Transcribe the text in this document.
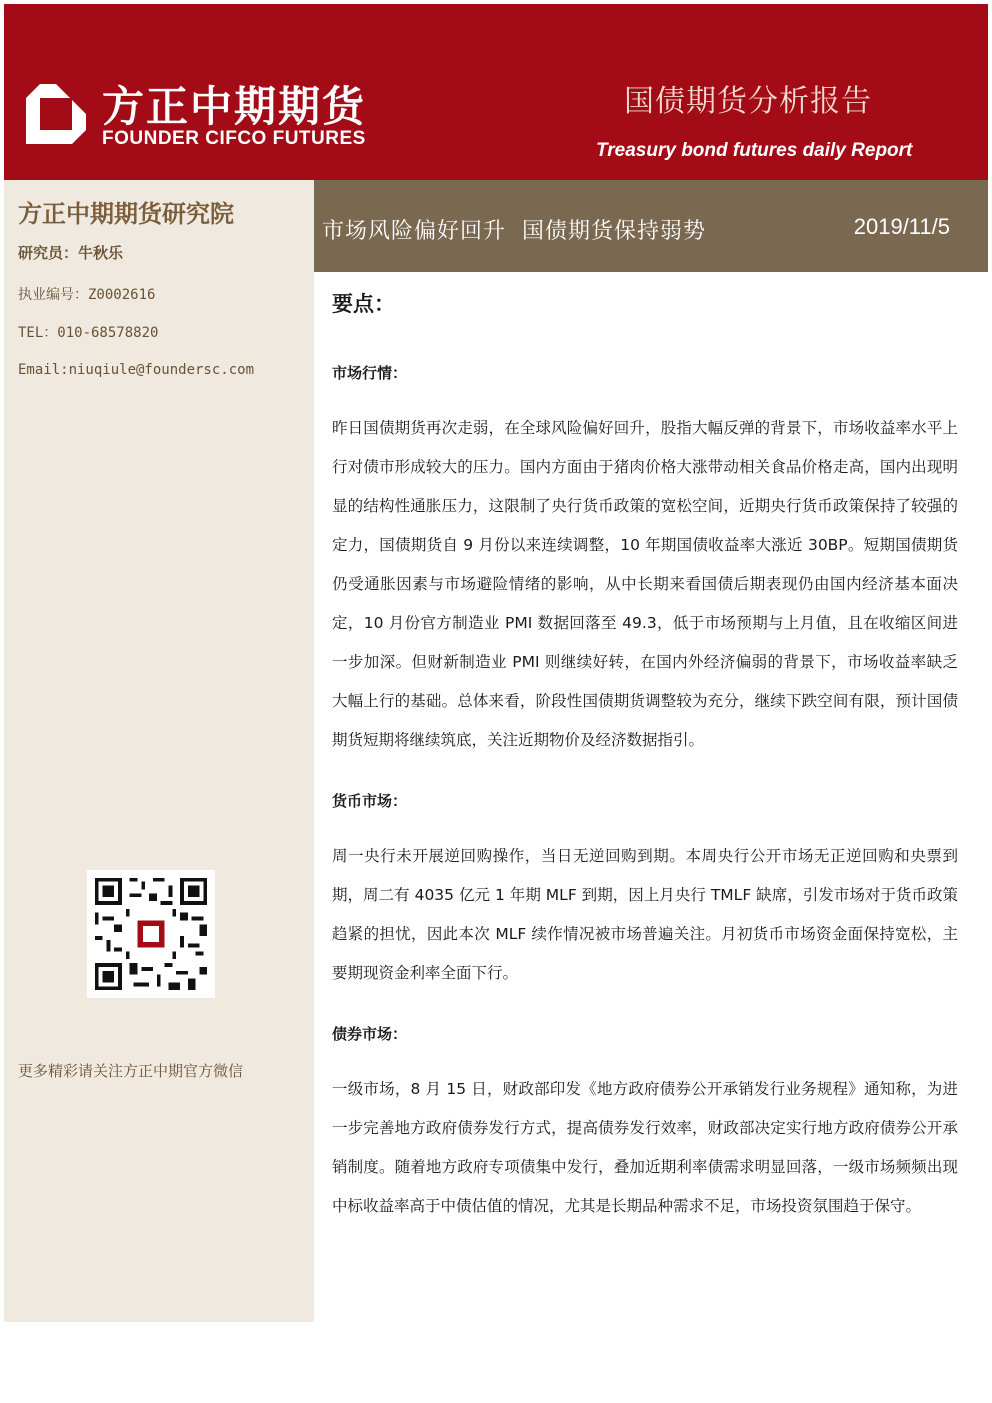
方正中期期货
FOUNDER CIFCO FUTURES
国债期货分析报告
Treasury bond futures daily Report
方正中期期货研究院
研究员：牛秋乐
执业编号：Z0002616
TEL：010-68578820
Email:niuqiule@foundersc.com
更多精彩请关注方正中期官方微信
市场风险偏好回升  国债期货保持弱势	2019/11/5
要点：
市场行情：
昨日国债期货再次走弱，在全球风险偏好回升，股指大幅反弹的背景下，市场收益率水平上行对债市形成较大的压力。国内方面由于猪肉价格大涨带动相关食品价格走高，国内出现明显的结构性通胀压力，这限制了央行货币政策的宽松空间，近期央行货币政策保持了较强的定力，国债期货自 9 月份以来连续调整，10 年期国债收益率大涨近 30BP。短期国债期货仍受通胀因素与市场避险情绪的影响，从中长期来看国债后期表现仍由国内经济基本面决定，10 月份官方制造业 PMI 数据回落至 49.3，低于市场预期与上月值，且在收缩区间进一步加深。但财新制造业 PMI 则继续好转，在国内外经济偏弱的背景下，市场收益率缺乏大幅上行的基础。总体来看，阶段性国债期货调整较为充分，继续下跌空间有限，预计国债期货短期将继续筑底，关注近期物价及经济数据指引。
货币市场：
周一央行未开展逆回购操作，当日无逆回购到期。本周央行公开市场无正逆回购和央票到期，周二有 4035 亿元 1 年期 MLF 到期，因上月央行 TMLF 缺席，引发市场对于货币政策趋紧的担忧，因此本次 MLF 续作情况被市场普遍关注。月初货币市场资金面保持宽松，主要期现资金利率全面下行。
债券市场：
一级市场，8 月 15 日，财政部印发《地方政府债券公开承销发行业务规程》通知称，为进一步完善地方政府债券发行方式，提高债券发行效率，财政部决定实行地方政府债券公开承销制度。随着地方政府专项债集中发行，叠加近期利率债需求明显回落，一级市场频频出现中标收益率高于中债估值的情况，尤其是长期品种需求不足，市场投资氛围趋于保守。
